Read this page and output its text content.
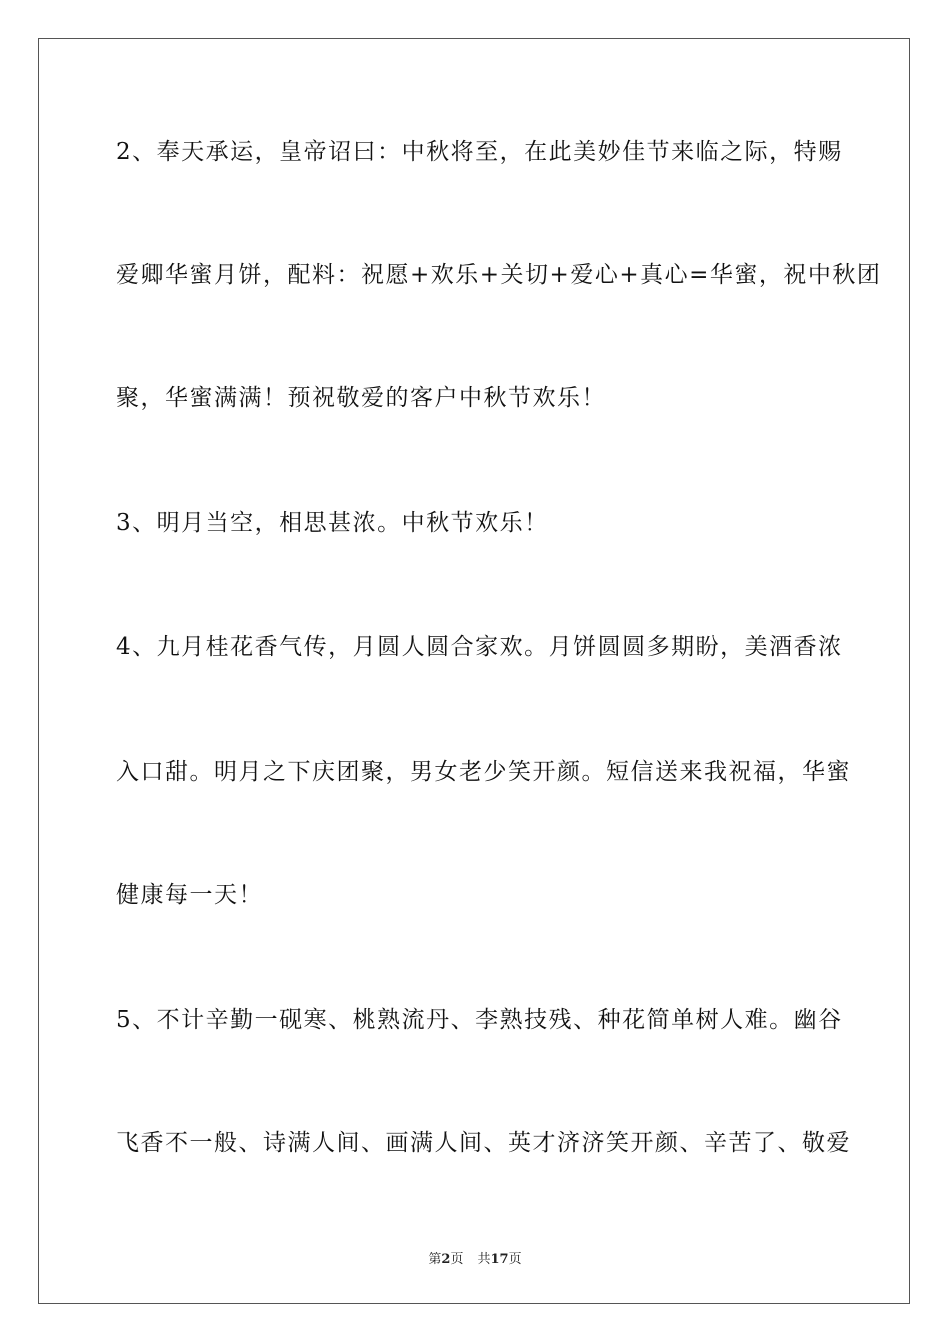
2、奉天承运，皇帝诏曰：中秋将至，在此美妙佳节来临之际，特赐
爱卿华蜜月饼，配料：祝愿+欢乐+关切+爱心+真心=华蜜，祝中秋团
聚，华蜜满满！预祝敬爱的客户中秋节欢乐！
3、明月当空，相思甚浓。中秋节欢乐！
4、九月桂花香气传，月圆人圆合家欢。月饼圆圆多期盼，美酒香浓
入口甜。明月之下庆团聚，男女老少笑开颜。短信送来我祝福，华蜜
健康每一天！
5、不计辛勤一砚寒、桃熟流丹、李熟技残、种花简单树人难。幽谷
飞香不一般、诗满人间、画满人间、英才济济笑开颜、辛苦了、敬爱
第2页 共17页
